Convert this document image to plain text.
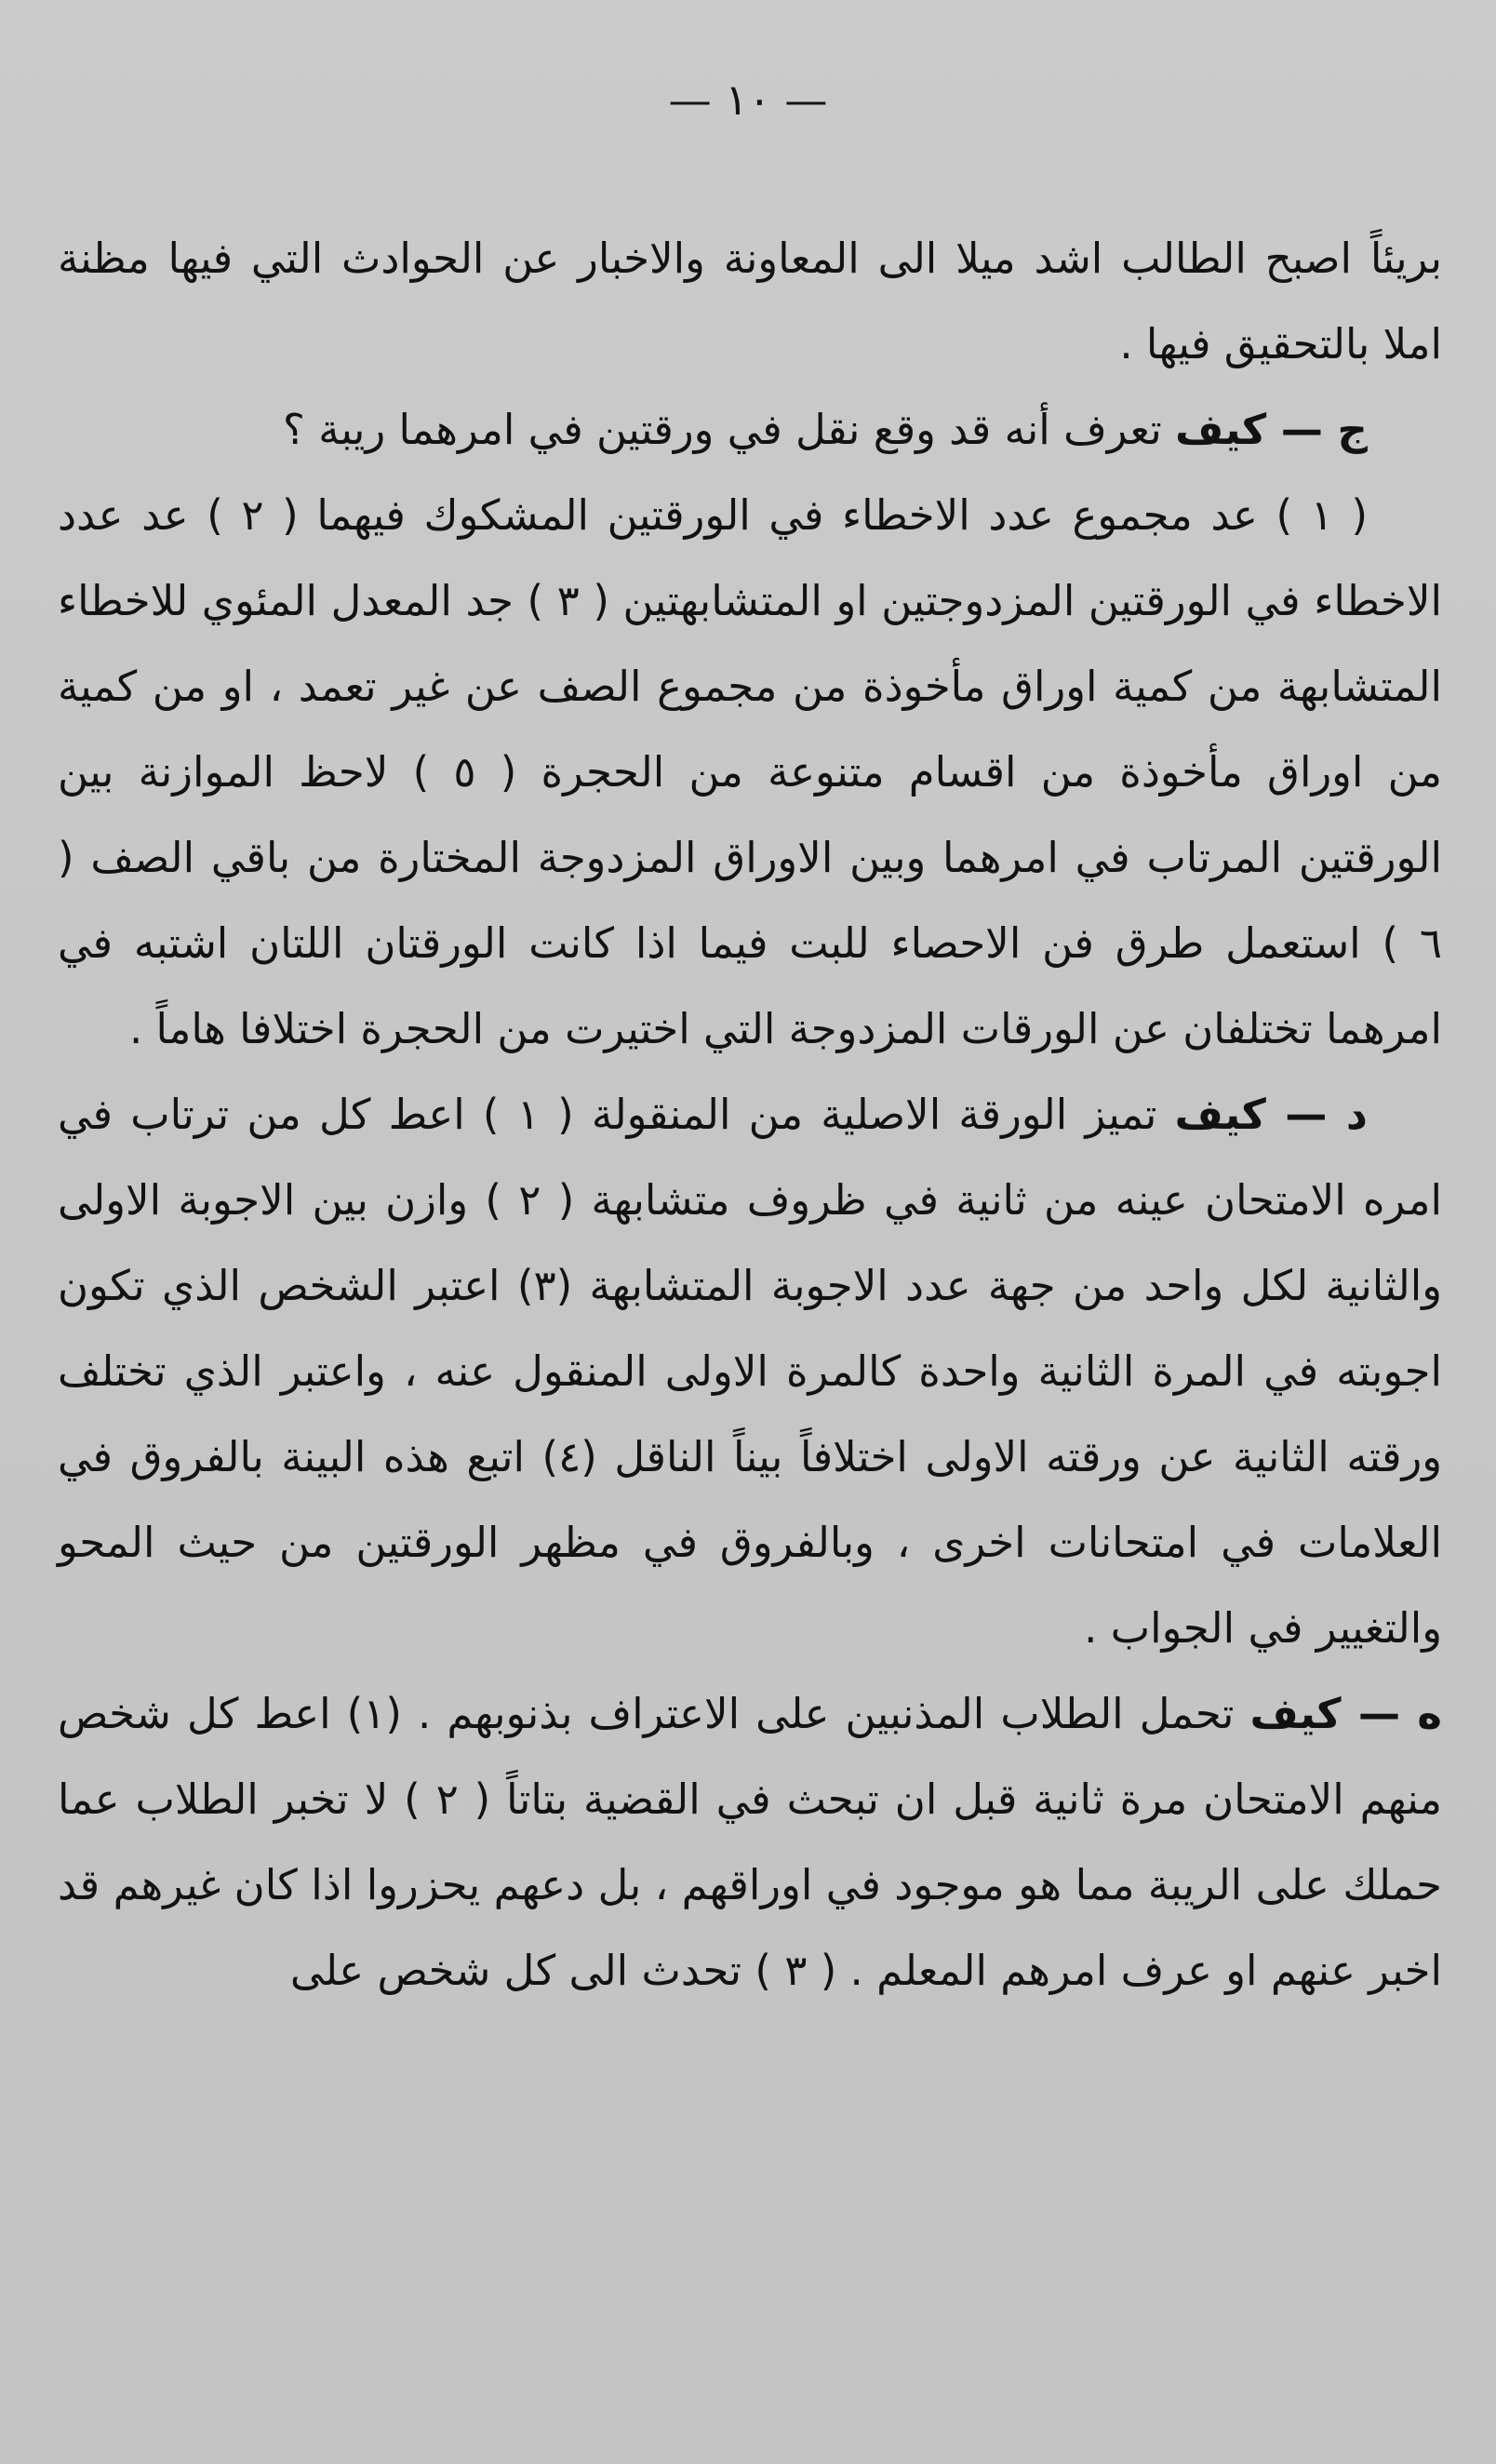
— ١٠ —

بريئاً اصبح الطالب اشد ميلا الى المعاونة والاخبار عن الحوادث التي فيها مظنة املا بالتحقيق فيها .

ج — كيف تعرف أنه قد وقع نقل في ورقتين في امرهما ريبة ؟

( ١ ) عد مجموع عدد الاخطاء في الورقتين المشكوك فيهما ( ٢ ) عد عدد الاخطاء في الورقتين المزدوجتين او المتشابهتين ( ٣ ) جد المعدل المئوي للاخطاء المتشابهة من كمية اوراق مأخوذة من مجموع الصف عن غير تعمد ، او من كمية من اوراق مأخوذة من اقسام متنوعة من الحجرة ( ٥ ) لاحظ الموازنة بين الورقتين المرتاب في امرهما وبين الاوراق المزدوجة المختارة من باقي الصف ( ٦ ) استعمل طرق فن الاحصاء للبت فيما اذا كانت الورقتان اللتان اشتبه في امرهما تختلفان عن الورقات المزدوجة التي اختيرت من الحجرة اختلافا هاماً .

د — كيف تميز الورقة الاصلية من المنقولة ( ١ ) اعط كل من ترتاب في امره الامتحان عينه من ثانية في ظروف متشابهة ( ٢ ) وازن بين الاجوبة الاولى والثانية لكل واحد من جهة عدد الاجوبة المتشابهة (٣) اعتبر الشخص الذي تكون اجوبته في المرة الثانية واحدة كالمرة الاولى المنقول عنه ، واعتبر الذي تختلف ورقته الثانية عن ورقته الاولى اختلافاً بيناً الناقل (٤) اتبع هذه البينة بالفروق في العلامات في امتحانات اخرى ، وبالفروق في مظهر الورقتين من حيث المحو والتغيير في الجواب .

ه — كيف تحمل الطلاب المذنبين على الاعتراف بذنوبهم . (١) اعط كل شخص منهم الامتحان مرة ثانية قبل ان تبحث في القضية بتاتاً ( ٢ ) لا تخبر الطلاب عما حملك على الريبة مما هو موجود في اوراقهم ، بل دعهم يحزروا اذا كان غيرهم قد اخبر عنهم او عرف امرهم المعلم . ( ٣ ) تحدث الى كل شخص على
